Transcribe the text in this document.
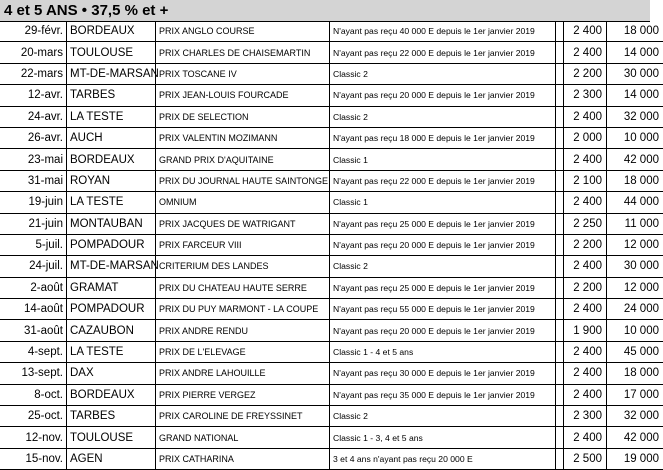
4 et 5 ANS • 37,5 % et +
29-févr.	BORDEAUX	PRIX ANGLO COURSE	N'ayant pas reçu 40 000 E depuis le 1er janvier 2019		2 400	18 000
20-mars	TOULOUSE	PRIX CHARLES DE CHAISEMARTIN	N'ayant pas reçu 22 000 E depuis le 1er janvier 2019		2 400	14 000
22-mars	MT-DE-MARSAN	PRIX TOSCANE IV	Classic 2		2 200	30 000
12-avr.	TARBES	PRIX JEAN-LOUIS FOURCADE	N'ayant pas reçu 20 000 E depuis le 1er janvier 2019		2 300	14 000
24-avr.	LA TESTE	PRIX DE SELECTION	Classic 2		2 400	32 000
26-avr.	AUCH	PRIX VALENTIN MOZIMANN	N'ayant pas reçu 18 000 E depuis le 1er janvier 2019		2 000	10 000
23-mai	BORDEAUX	GRAND PRIX D'AQUITAINE	Classic 1		2 400	42 000
31-mai	ROYAN	PRIX DU JOURNAL HAUTE SAINTONGE	N'ayant pas reçu 22 000 E depuis le 1er janvier 2019		2 100	18 000
19-juin	LA TESTE	OMNIUM	Classic 1		2 400	44 000
21-juin	MONTAUBAN	PRIX JACQUES DE WATRIGANT	N'ayant pas reçu 25 000 E depuis le 1er janvier 2019		2 250	11 000
5-juil.	POMPADOUR	PRIX FARCEUR VIII	N'ayant pas reçu 20 000 E depuis le 1er janvier 2019		2 200	12 000
24-juil.	MT-DE-MARSAN	CRITERIUM DES LANDES	Classic 2		2 400	30 000
2-août	GRAMAT	PRIX DU CHATEAU HAUTE SERRE	N'ayant pas reçu 25 000 E depuis le 1er janvier 2019		2 200	12 000
14-août	POMPADOUR	PRIX DU PUY MARMONT - LA COUPE	N'ayant pas reçu 55 000 E depuis le 1er janvier 2019		2 400	24 000
31-août	CAZAUBON	PRIX ANDRE RENDU	N'ayant pas reçu 20 000 E depuis le 1er janvier 2019		1 900	10 000
4-sept.	LA TESTE	PRIX DE L'ELEVAGE	Classic 1 - 4 et 5 ans		2 400	45 000
13-sept.	DAX	PRIX ANDRE LAHOUILLE	N'ayant pas reçu 30 000 E depuis le 1er janvier 2019		2 400	18 000
8-oct.	BORDEAUX	PRIX PIERRE VERGEZ	N'ayant pas reçu 35 000 E depuis le 1er janvier 2019		2 400	17 000
25-oct.	TARBES	PRIX CAROLINE DE FREYSSINET	Classic 2		2 300	32 000
12-nov.	TOULOUSE	GRAND NATIONAL	Classic 1 - 3, 4 et 5 ans		2 400	42 000
15-nov.	AGEN	PRIX CATHARINA	3 et 4 ans n'ayant pas reçu 20 000 E		2 500	19 000
